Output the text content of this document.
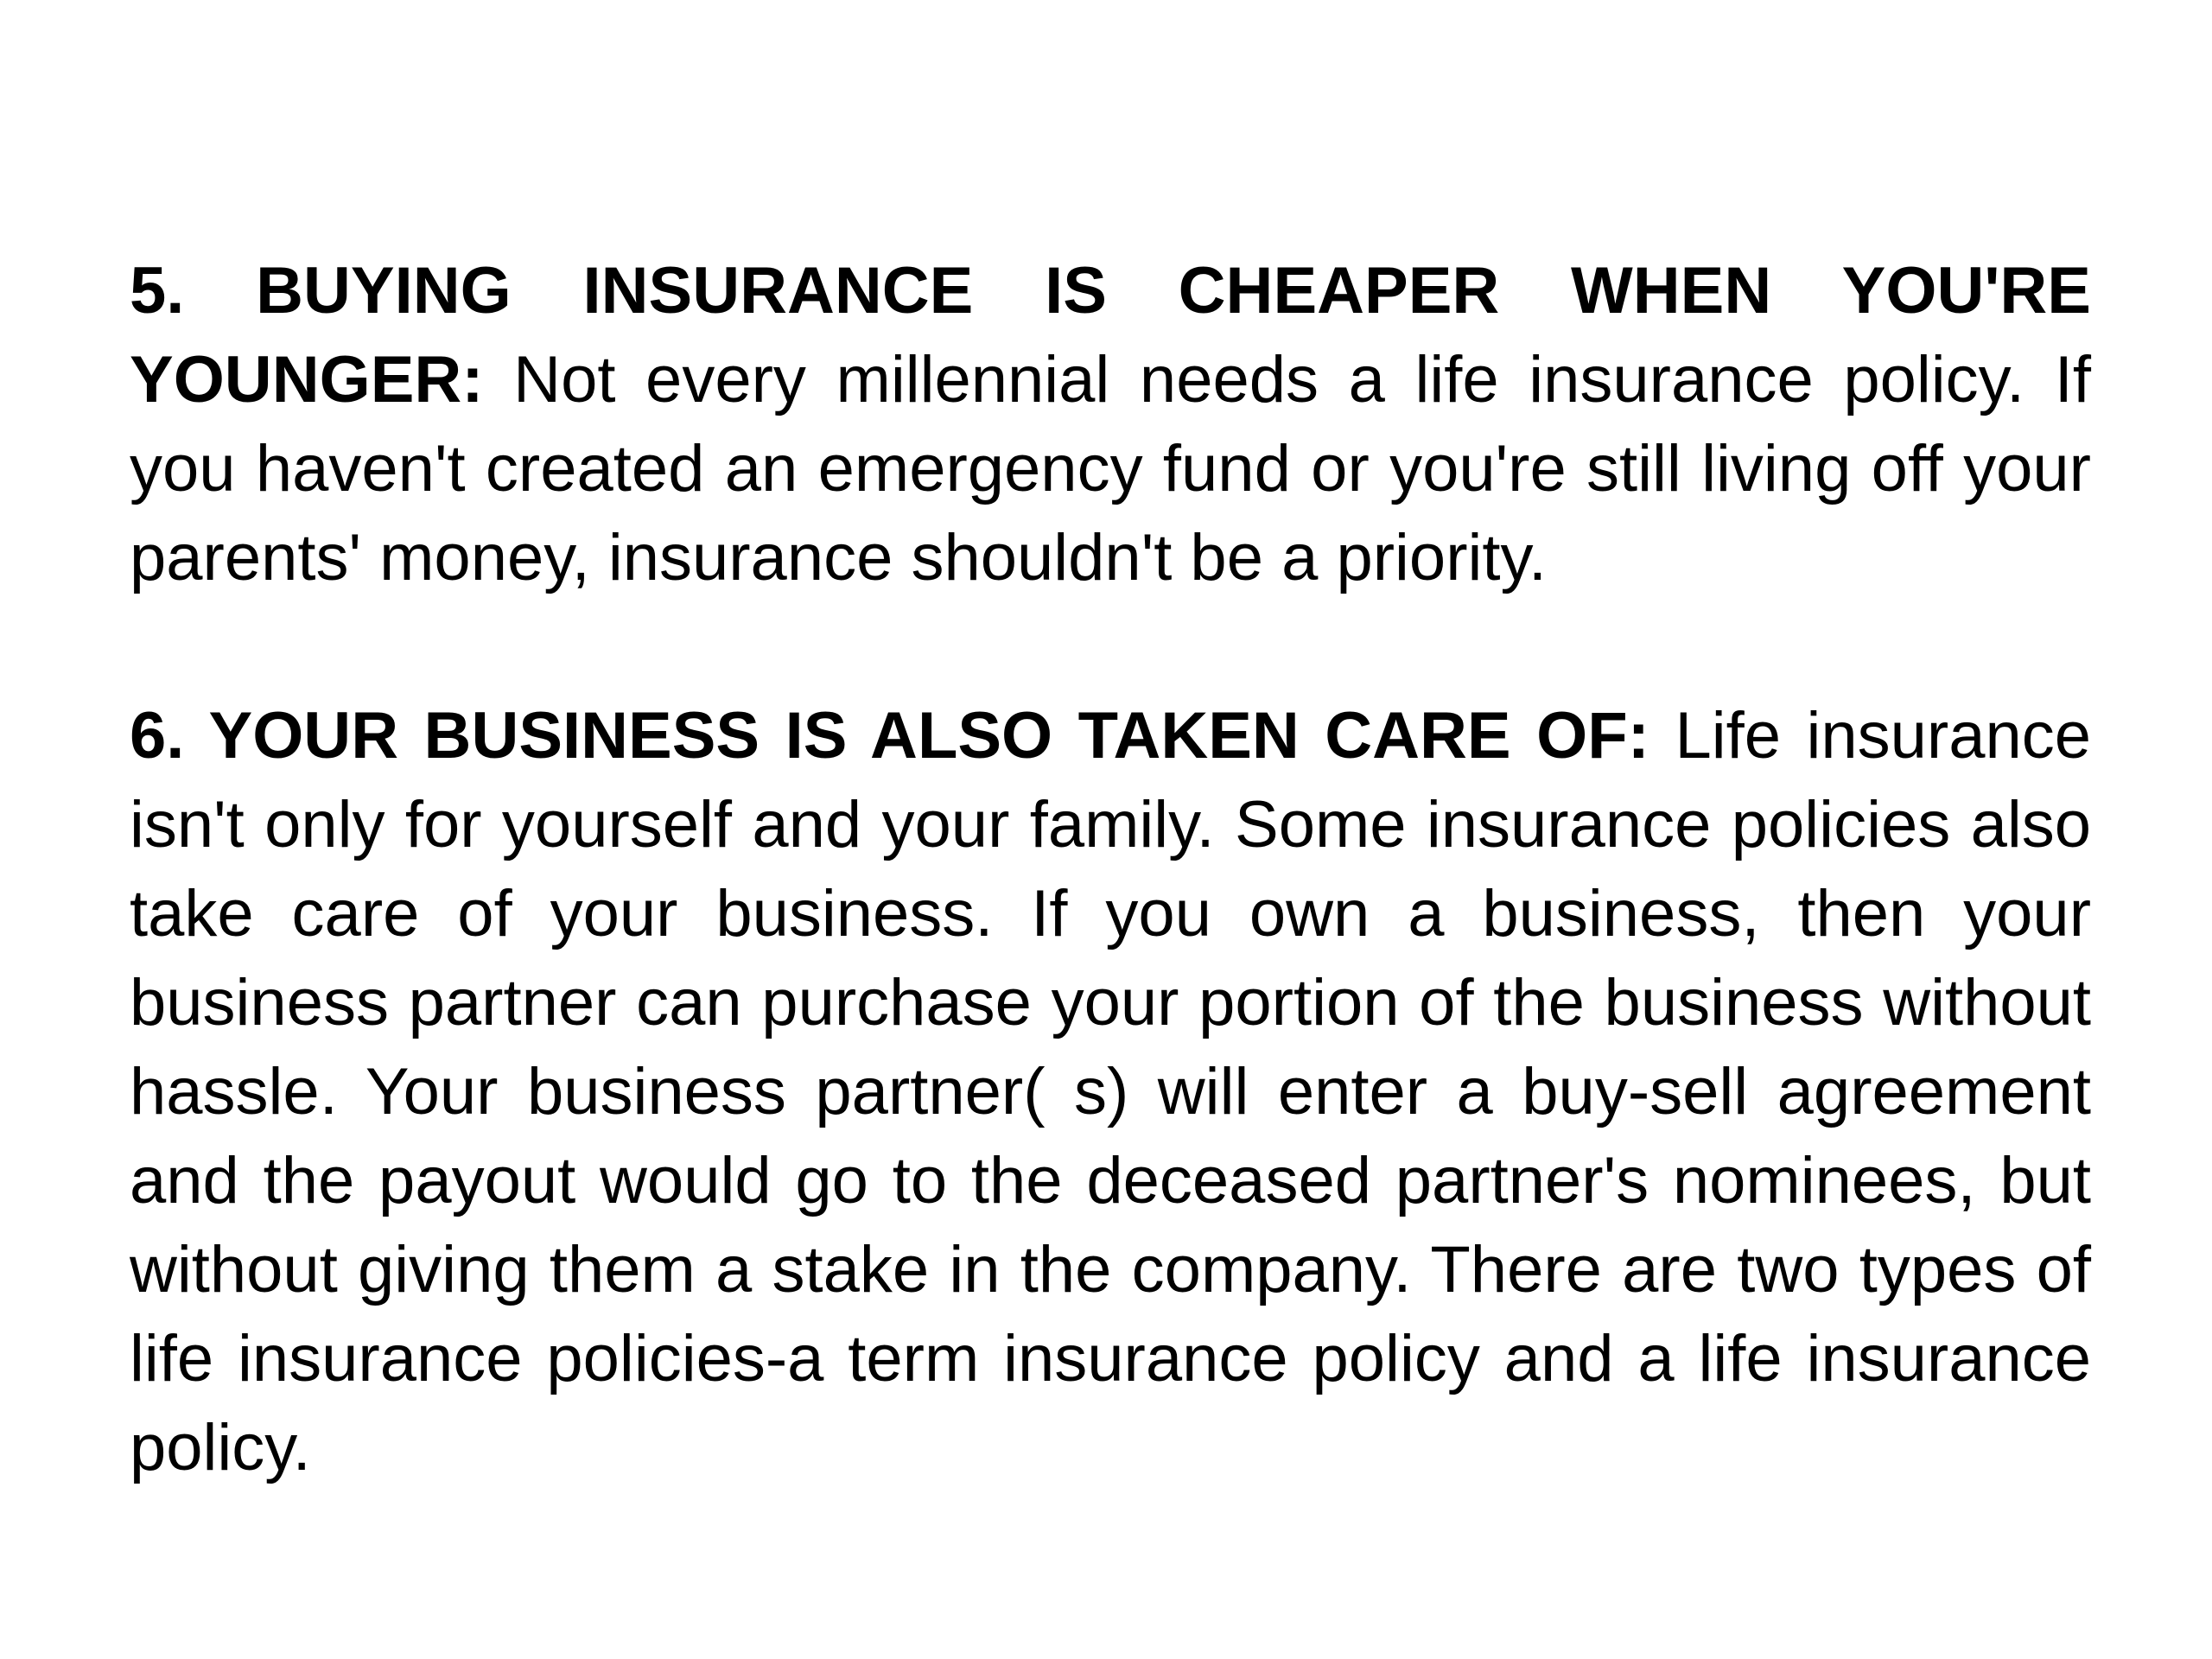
5. BUYING INSURANCE IS CHEAPER WHEN YOU'RE YOUNGER: Not every millennial needs a life insurance policy. If you haven't created an emergency fund or you're still living off your parents' money, insurance shouldn't be a priority.

6. YOUR BUSINESS IS ALSO TAKEN CARE OF: Life insurance isn't only for yourself and your family. Some insurance policies also take care of your business. If you own a business, then your business partner can purchase your portion of the business without hassle. Your business partner( s) will enter a buy-sell agreement and the payout would go to the deceased partner's nominees, but without giving them a stake in the company. There are two types of life insurance policies-a term insurance policy and a life insurance policy.
